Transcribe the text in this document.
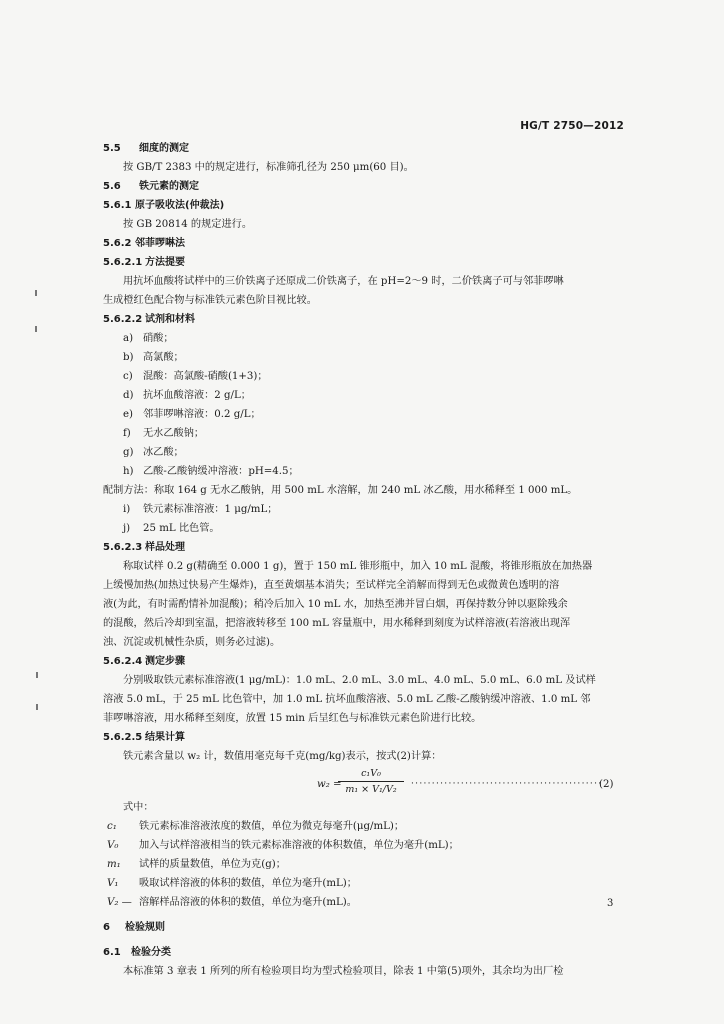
HG/T 2750—2012
5.5 细度的测定
按 GB/T 2383 中的规定进行，标准筛孔径为 250 μm(60 目)。
5.6 铁元素的测定
5.6.1 原子吸收法(仲裁法)
按 GB 20814 的规定进行。
5.6.2 邻菲啰啉法
5.6.2.1 方法提要
用抗坏血酸将试样中的三价铁离子还原成二价铁离子，在 pH=2～9 时，二价铁离子可与邻菲啰啉
生成橙红色配合物与标准铁元素色阶目视比较。
5.6.2.2 试剂和材料
a) 硝酸；
b) 高氯酸；
c) 混酸：高氯酸-硝酸(1+3)；
d) 抗坏血酸溶液：2 g/L；
e) 邻菲啰啉溶液：0.2 g/L；
f) 无水乙酸钠；
g) 冰乙酸；
h) 乙酸-乙酸钠缓冲溶液：pH=4.5；
配制方法：称取 164 g 无水乙酸钠，用 500 mL 水溶解，加 240 mL 冰乙酸，用水稀释至 1 000 mL。
i) 铁元素标准溶液：1 μg/mL；
j) 25 mL 比色管。
5.6.2.3 样品处理
称取试样 0.2 g(精确至 0.000 1 g)，置于 150 mL 锥形瓶中，加入 10 mL 混酸，将锥形瓶放在加热器
上缓慢加热(加热过快易产生爆炸)，直至黄烟基本消失；至试样完全消解而得到无色或微黄色透明的溶
液(为此，有时需酌情补加混酸)；稍冷后加入 10 mL 水，加热至沸并冒白烟，再保持数分钟以驱除残余
的混酸，然后冷却到室温，把溶液转移至 100 mL 容量瓶中，用水稀释到刻度为试样溶液(若溶液出现浑
浊、沉淀或机械性杂质，则务必过滤)。
5.6.2.4 测定步骤
分别吸取铁元素标准溶液(1 μg/mL)：1.0 mL、2.0 mL、3.0 mL、4.0 mL、5.0 mL、6.0 mL 及试样
溶液 5.0 mL，于 25 mL 比色管中，加 1.0 mL 抗坏血酸溶液、5.0 mL 乙酸-乙酸钠缓冲溶液、1.0 mL 邻
菲啰啉溶液，用水稀释至刻度，放置 15 min 后呈红色与标准铁元素色阶进行比较。
5.6.2.5 结果计算
铁元素含量以 w₂ 计，数值用毫克每千克(mg/kg)表示，按式(2)计算：
w₂ =
c₁V₀
m₁ × V₁/V₂	··············································
(2)
式中：
c₁ 铁元素标准溶液浓度的数值，单位为微克每毫升(μg/mL)；
V₀ 加入与试样溶液相当的铁元素标准溶液的体积数值，单位为毫升(mL)；
m₁ 试样的质量数值，单位为克(g)；
V₁ 吸取试样溶液的体积的数值，单位为毫升(mL)；
V₂ — 溶解样品溶液的体积的数值，单位为毫升(mL)。
6 检验规则
6.1 检验分类
本标准第 3 章表 1 所列的所有检验项目均为型式检验项目，除表 1 中第(5)项外，其余均为出厂检
3
